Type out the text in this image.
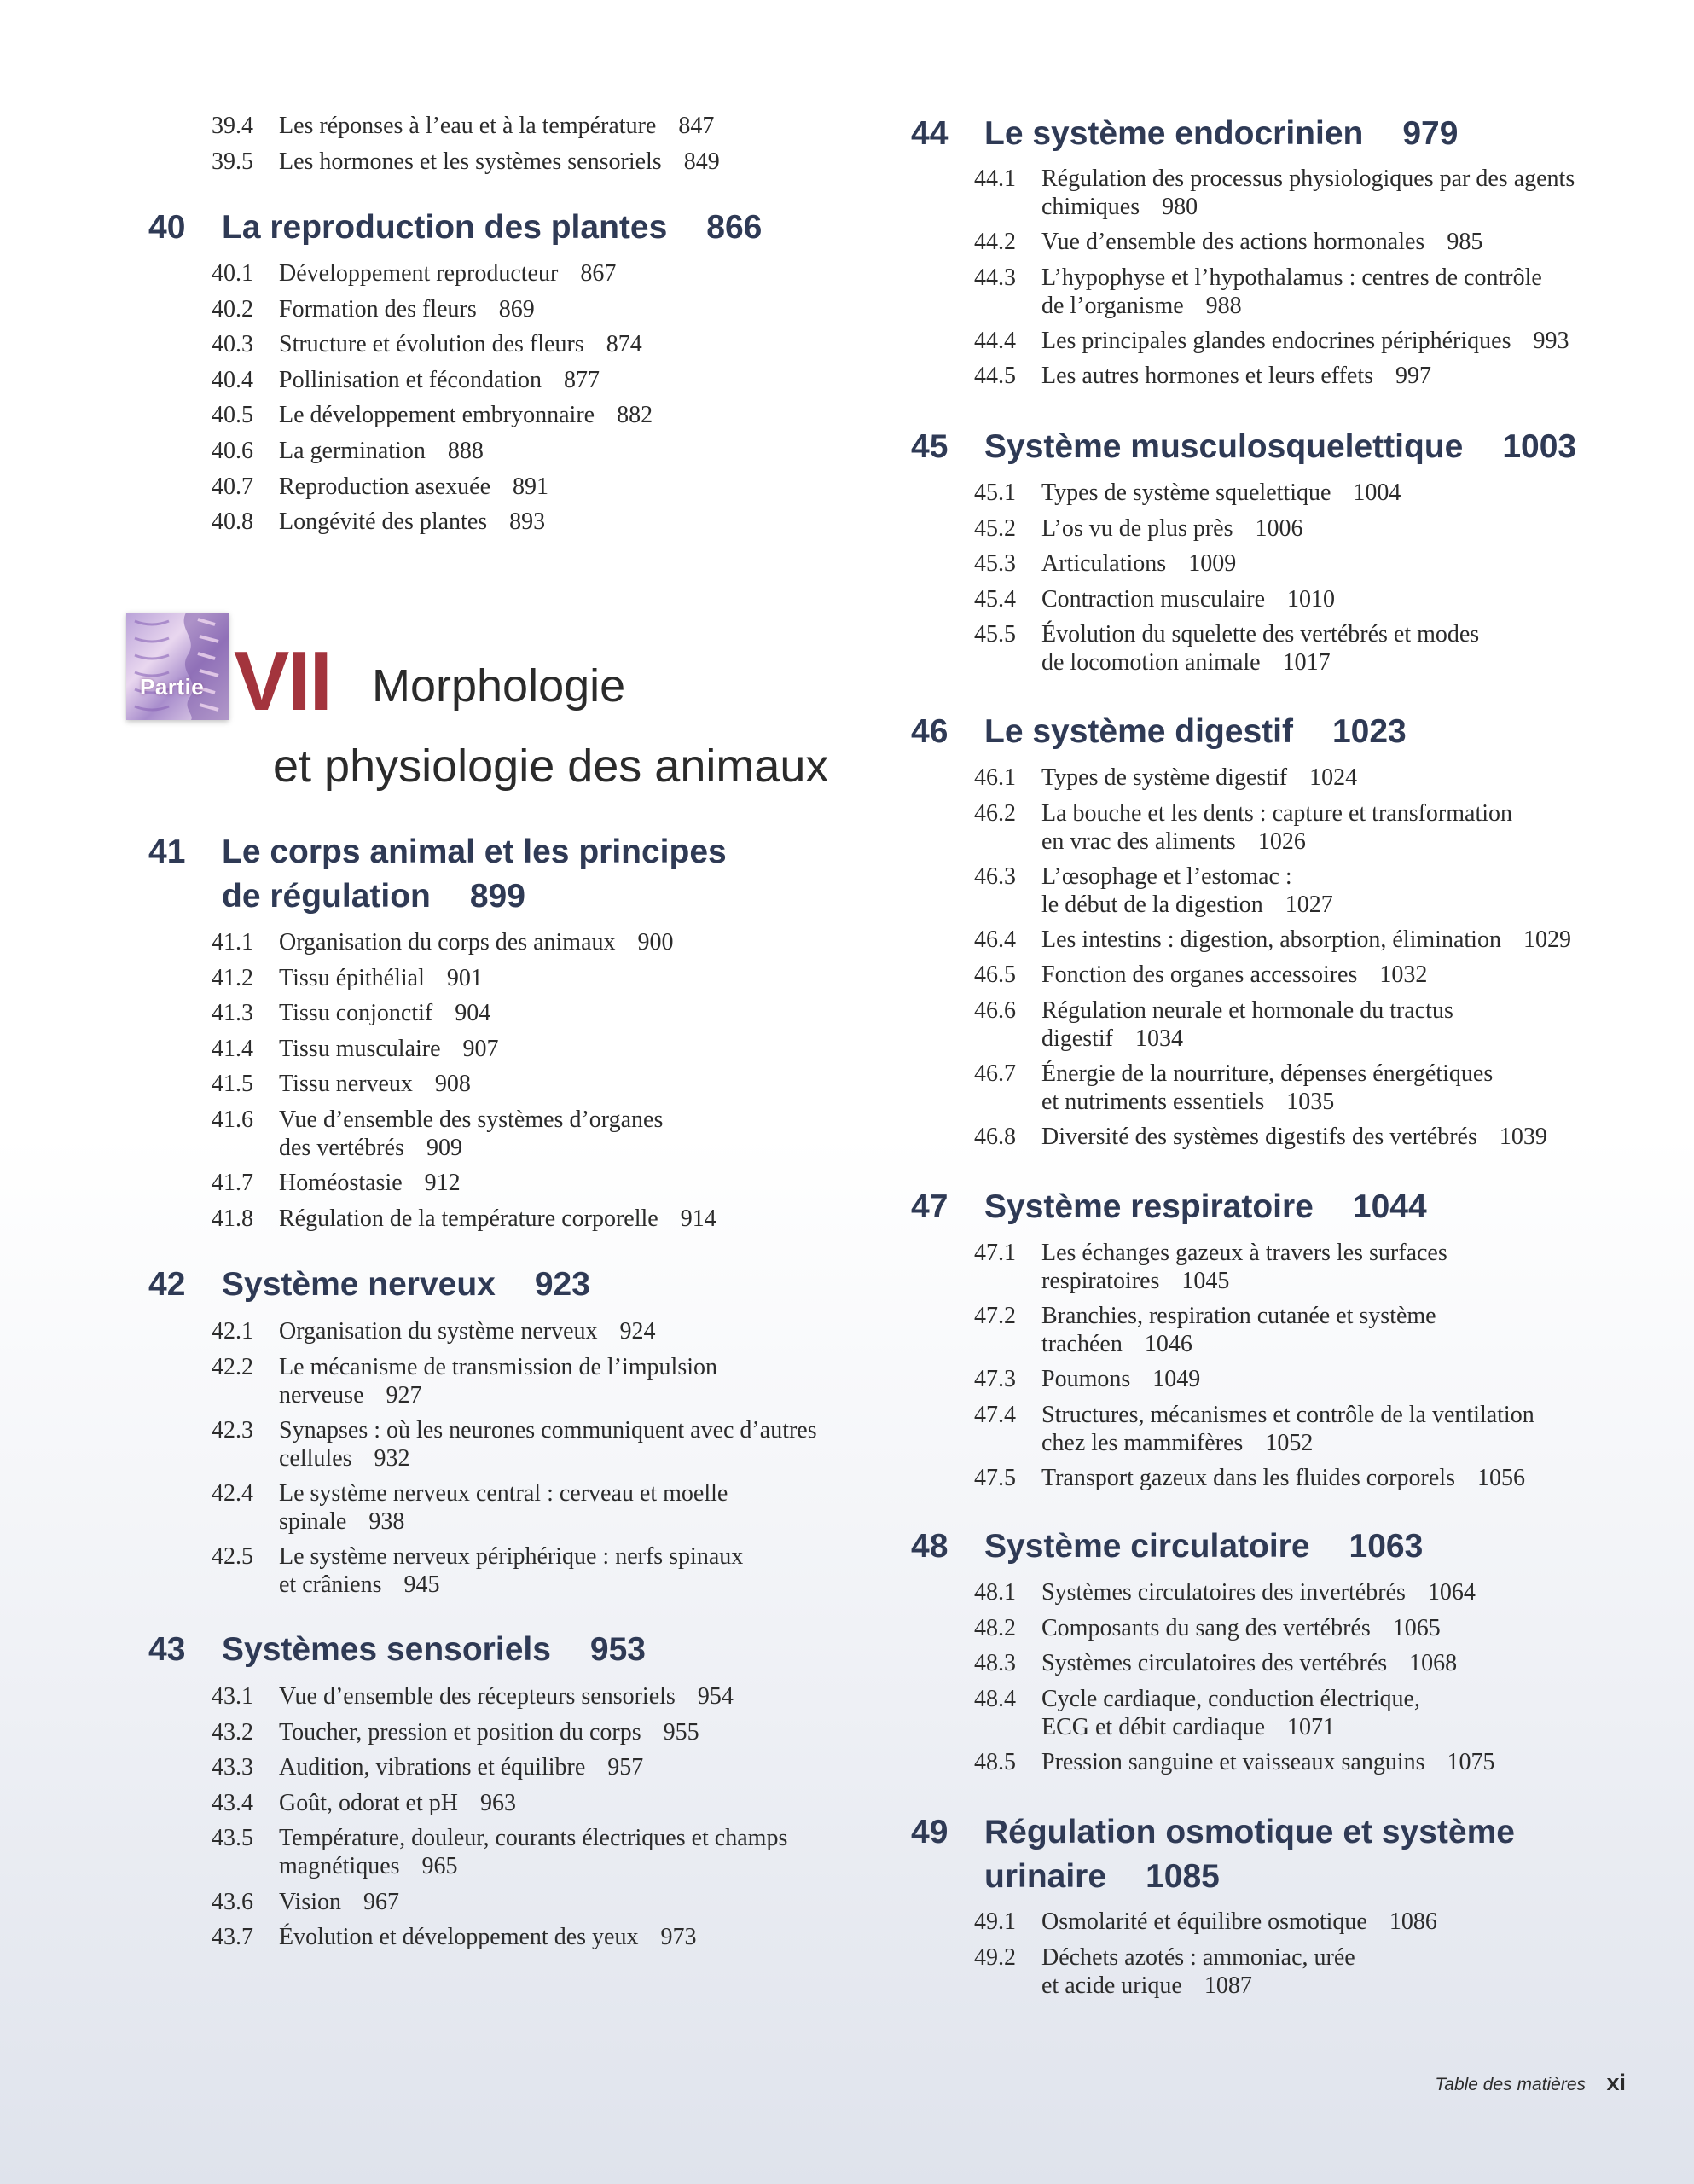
39.4 Les réponses à l’eau et à la température 847
39.5 Les hormones et les systèmes sensoriels 849
40 La reproduction des plantes 866
40.1 Développement reproducteur 867
40.2 Formation des fleurs 869
40.3 Structure et évolution des fleurs 874
40.4 Pollinisation et fécondation 877
40.5 Le développement embryonnaire 882
40.6 La germination 888
40.7 Reproduction asexuée 891
40.8 Longévité des plantes 893
41 Le corps animal et les principes
de régulation 899
41.1 Organisation du corps des animaux 900
41.2 Tissu épithélial 901
41.3 Tissu conjonctif 904
41.4 Tissu musculaire 907
41.5 Tissu nerveux 908
41.6 Vue d’ensemble des systèmes d’organes
des vertébrés 909
41.7 Homéostasie 912
41.8 Régulation de la température corporelle 914
42 Système nerveux 923
42.1 Organisation du système nerveux 924
42.2 Le mécanisme de transmission de l’impulsion
nerveuse 927
42.3 Synapses : où les neurones communiquent avec d’autres
cellules 932
42.4 Le système nerveux central : cerveau et moelle
spinale 938
42.5 Le système nerveux périphérique : nerfs spinaux
et crâniens 945
43 Systèmes sensoriels 953
43.1 Vue d’ensemble des récepteurs sensoriels 954
43.2 Toucher, pression et position du corps 955
43.3 Audition, vibrations et équilibre 957
43.4 Goût, odorat et pH 963
43.5 Température, douleur, courants électriques et champs
magnétiques 965
43.6 Vision 967
43.7 Évolution et développement des yeux 973
44 Le système endocrinien 979
44.1 Régulation des processus physiologiques par des agents
chimiques 980
44.2 Vue d’ensemble des actions hormonales 985
44.3 L’hypophyse et l’hypothalamus : centres de contrôle
de l’organisme 988
44.4 Les principales glandes endocrines périphériques 993
44.5 Les autres hormones et leurs effets 997
45 Système musculosquelettique 1003
45.1 Types de système squelettique 1004
45.2 L’os vu de plus près 1006
45.3 Articulations 1009
45.4 Contraction musculaire 1010
45.5 Évolution du squelette des vertébrés et modes
de locomotion animale 1017
46 Le système digestif 1023
46.1 Types de système digestif 1024
46.2 La bouche et les dents : capture et transformation
en vrac des aliments 1026
46.3 L’œsophage et l’estomac :
le début de la digestion 1027
46.4 Les intestins : digestion, absorption, élimination 1029
46.5 Fonction des organes accessoires 1032
46.6 Régulation neurale et hormonale du tractus
digestif 1034
46.7 Énergie de la nourriture, dépenses énergétiques
et nutriments essentiels 1035
46.8 Diversité des systèmes digestifs des vertébrés 1039
47 Système respiratoire 1044
47.1 Les échanges gazeux à travers les surfaces
respiratoires 1045
47.2 Branchies, respiration cutanée et système
trachéen 1046
47.3 Poumons 1049
47.4 Structures, mécanismes et contrôle de la ventilation
chez les mammifères 1052
47.5 Transport gazeux dans les fluides corporels 1056
48 Système circulatoire 1063
48.1 Systèmes circulatoires des invertébrés 1064
48.2 Composants du sang des vertébrés 1065
48.3 Systèmes circulatoires des vertébrés 1068
48.4 Cycle cardiaque, conduction électrique,
ECG et débit cardiaque 1071
48.5 Pression sanguine et vaisseaux sanguins 1075
49 Régulation osmotique et système
urinaire 1085
49.1 Osmolarité et équilibre osmotique 1086
49.2 Déchets azotés : ammoniac, urée
et acide urique 1087
Partie VII Morphologie
et physiologie des animaux
Table des matières xi
